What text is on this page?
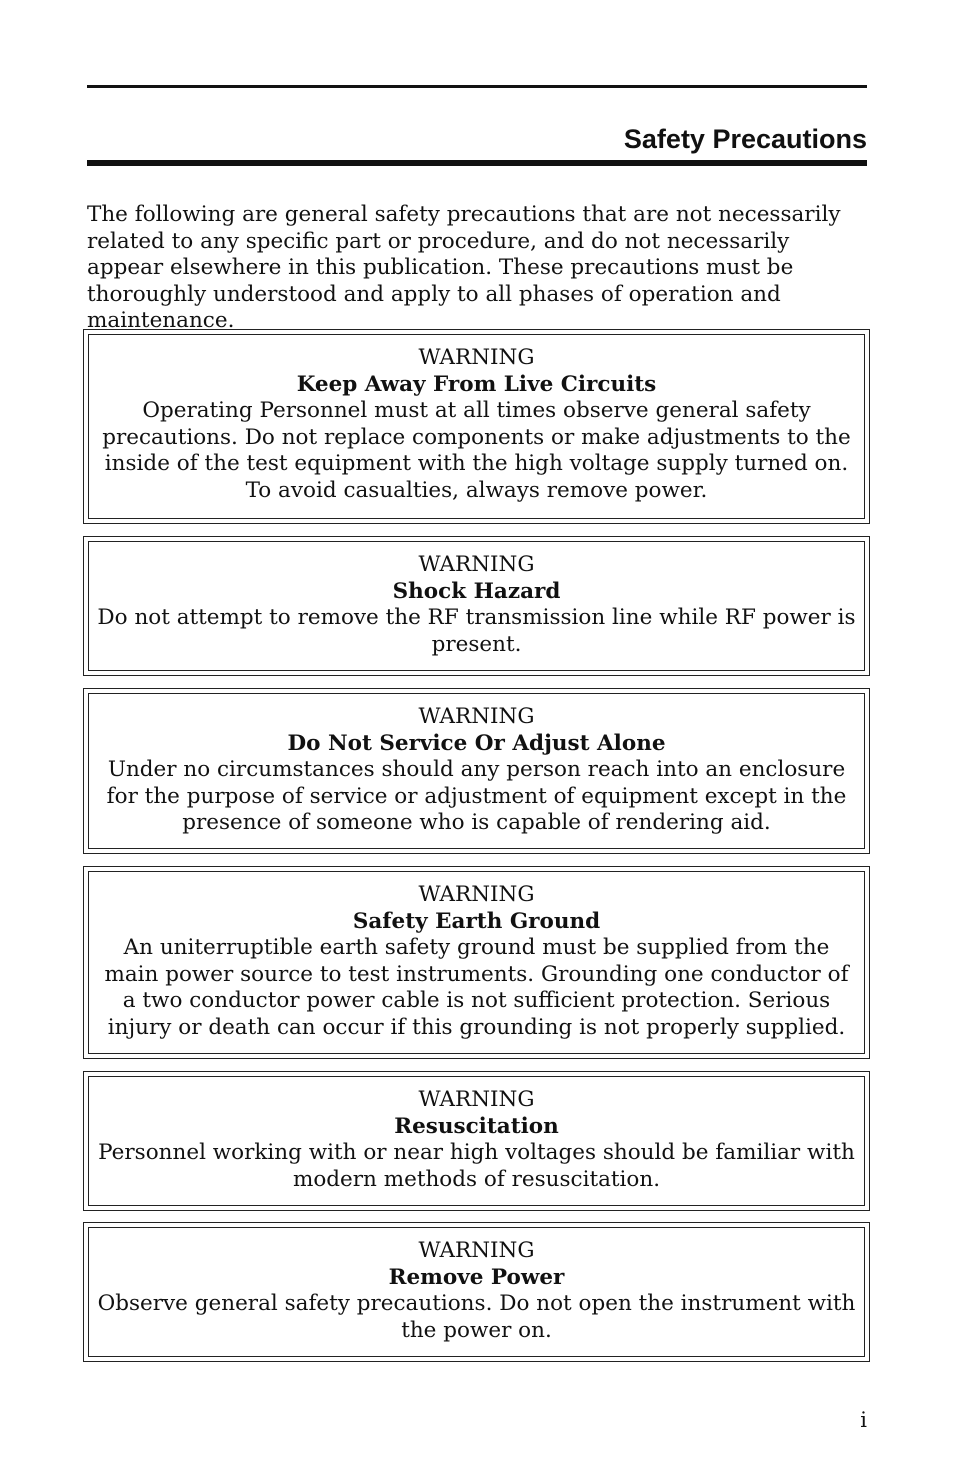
Safety Precautions

The following are general safety precautions that are not necessarily related to any specific part or procedure, and do not necessarily appear elsewhere in this publication. These precautions must be thoroughly understood and apply to all phases of operation and maintenance.

WARNING
Keep Away From Live Circuits
Operating Personnel must at all times observe general safety precautions. Do not replace components or make adjustments to the inside of the test equipment with the high voltage supply turned on. To avoid casualties, always remove power.
WARNING
Shock Hazard
Do not attempt to remove the RF transmission line while RF power is present.
WARNING
Do Not Service Or Adjust Alone
Under no circumstances should any person reach into an enclosure for the purpose of service or adjustment of equipment except in the presence of someone who is capable of rendering aid.
WARNING
Safety Earth Ground
An uniterruptible earth safety ground must be supplied from the main power source to test instruments. Grounding one conductor of a two conductor power cable is not sufficient protection. Serious injury or death can occur if this grounding is not properly supplied.
WARNING
Resuscitation
Personnel working with or near high voltages should be familiar with modern methods of resuscitation.
WARNING
Remove Power
Observe general safety precautions. Do not open the instrument with the power on.
i
